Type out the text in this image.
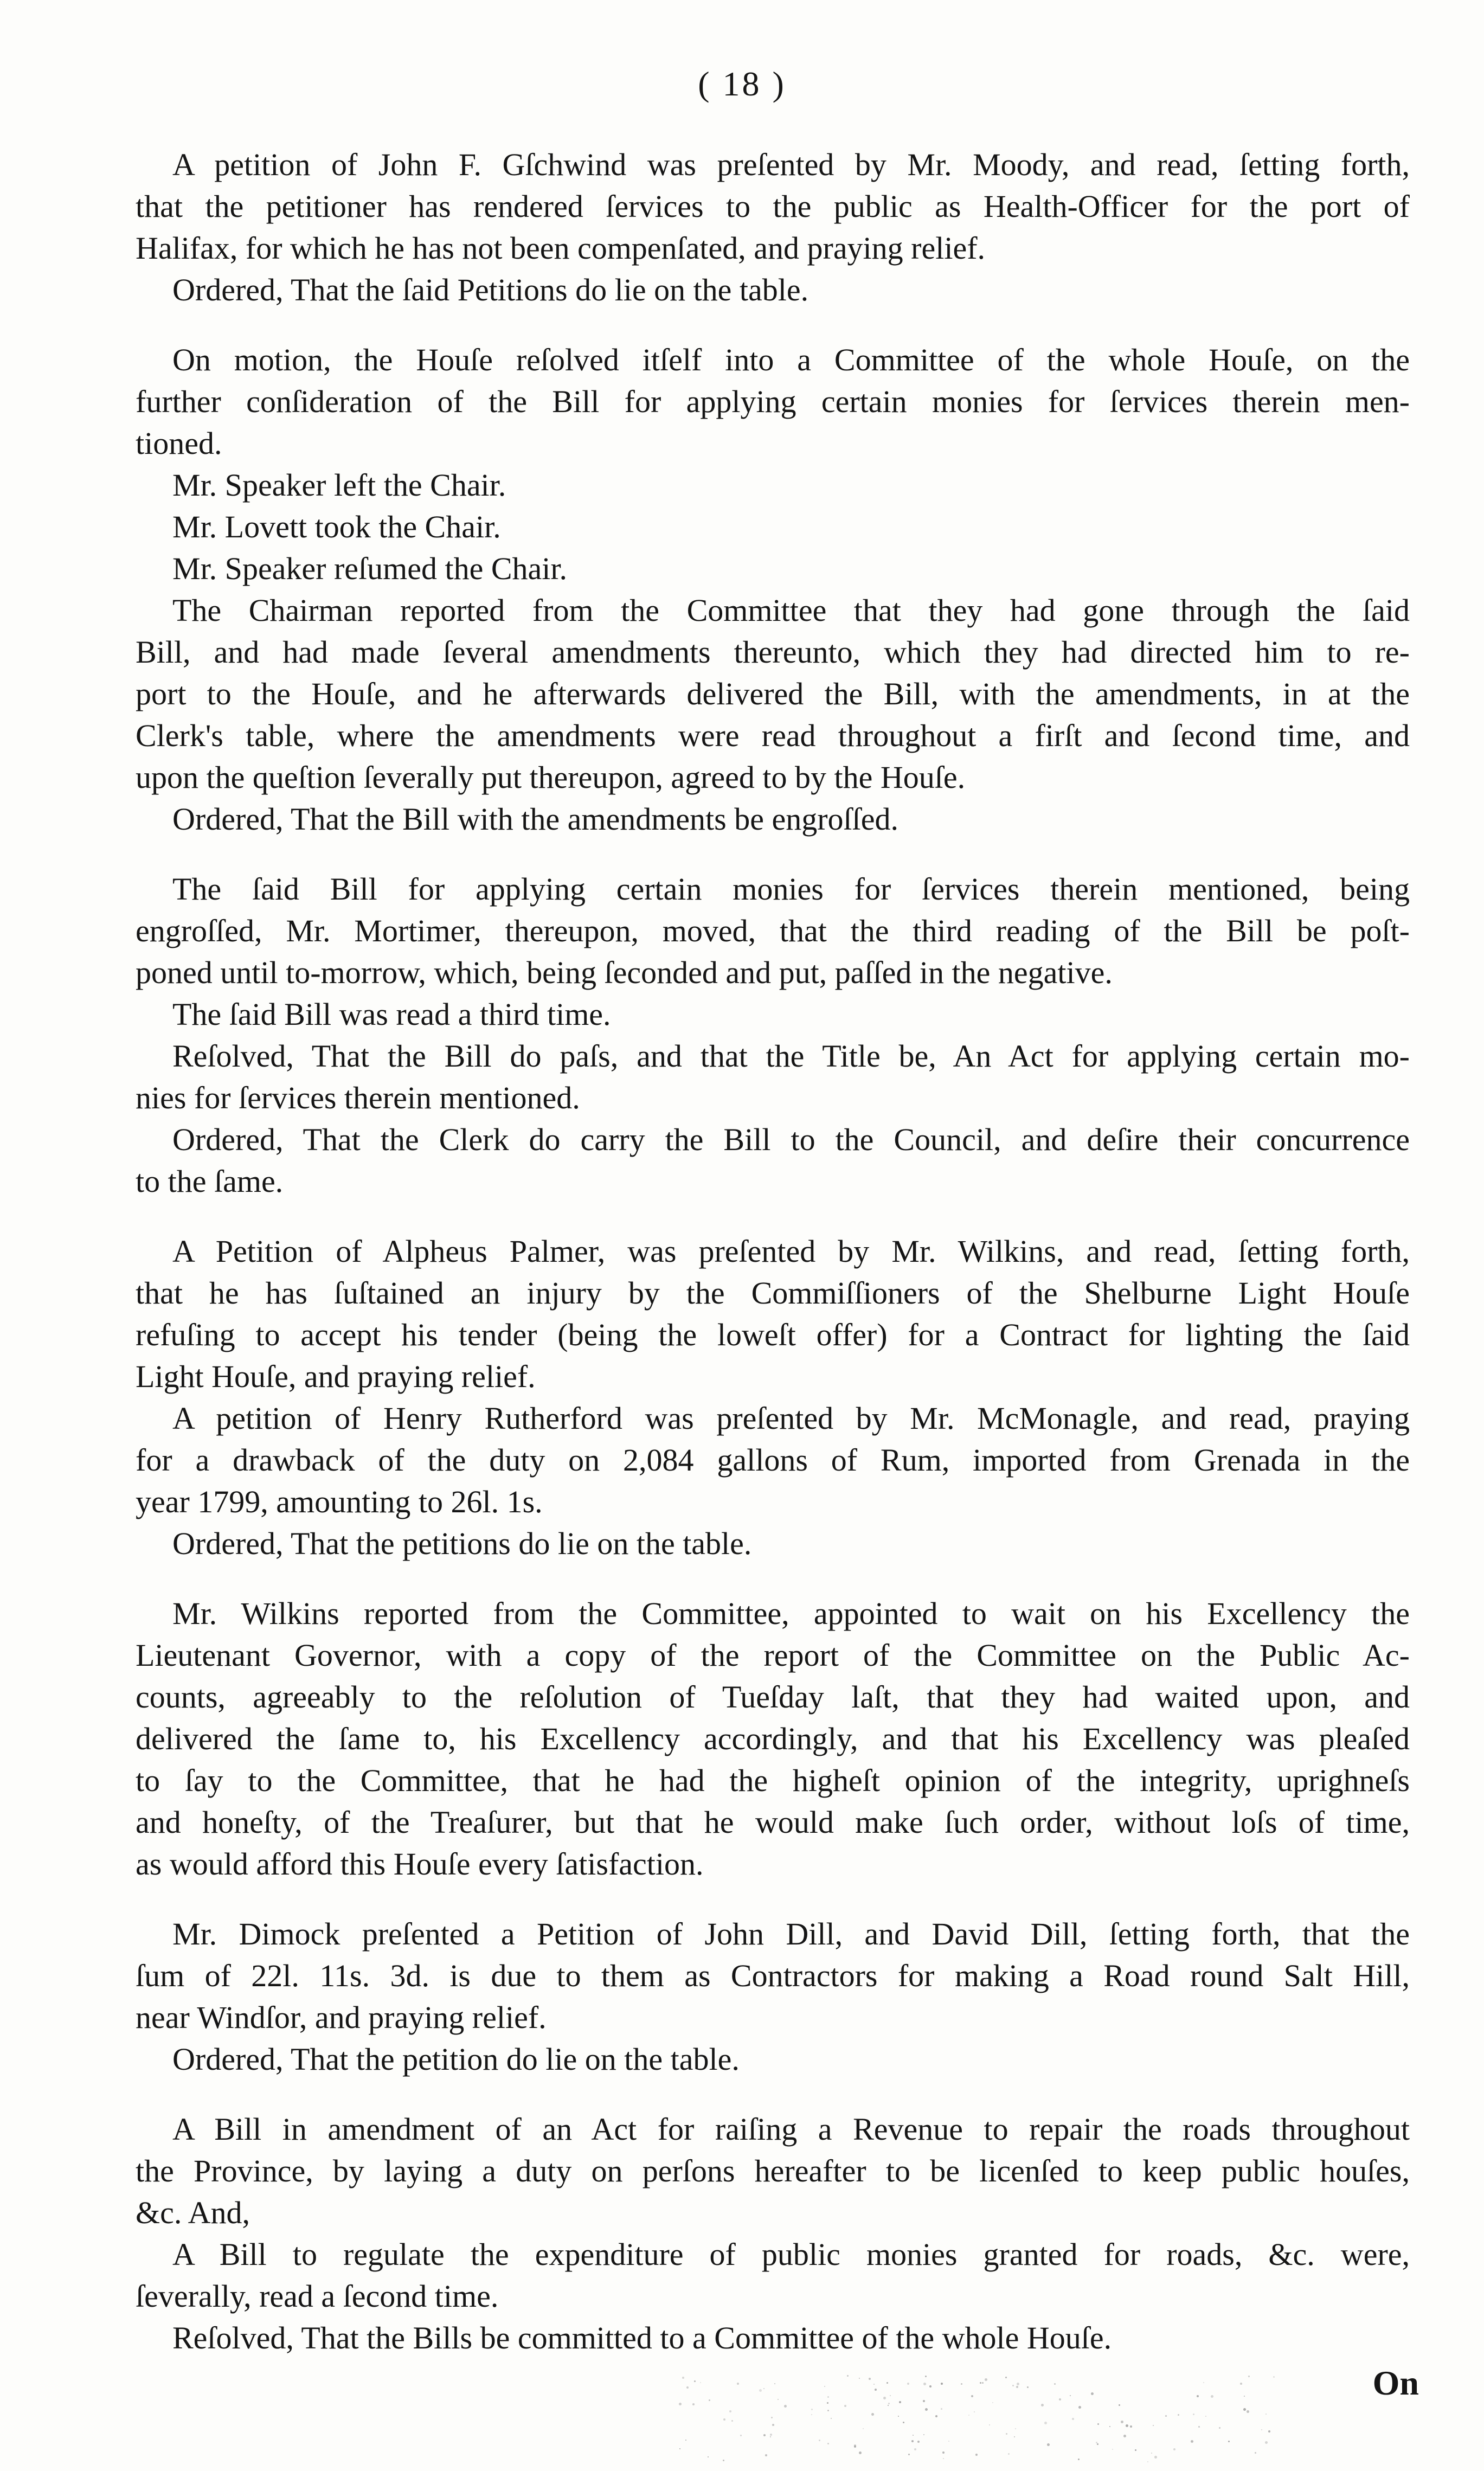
( 18 )
A petition of John F. Gſchwind was preſented by Mr. Moody, and read, ſetting forth,
that the petitioner has rendered ſervices to the public as Health-Officer for the port of
Halifax, for which he has not been compenſated, and praying relief.
Ordered, That the ſaid Petitions do lie on the table.
On motion, the Houſe reſolved itſelf into a Committee of the whole Houſe, on the
further conſideration of the Bill for applying certain monies for ſervices therein men-
tioned.
Mr. Speaker left the Chair.
Mr. Lovett took the Chair.
Mr. Speaker reſumed the Chair.
The Chairman reported from the Committee that they had gone through the ſaid
Bill, and had made ſeveral amendments thereunto, which they had directed him to re-
port to the Houſe, and he afterwards delivered the Bill, with the amendments, in at the
Clerk's table, where the amendments were read throughout a firſt and ſecond time, and
upon the queſtion ſeverally put thereupon, agreed to by the Houſe.
Ordered, That the Bill with the amendments be engroſſed.
The ſaid Bill for applying certain monies for ſervices therein mentioned, being
engroſſed, Mr. Mortimer, thereupon, moved, that the third reading of the Bill be poſt-
poned until to-morrow, which, being ſeconded and put, paſſed in the negative.
The ſaid Bill was read a third time.
Reſolved, That the Bill do paſs, and that the Title be, An Act for applying certain mo-
nies for ſervices therein mentioned.
Ordered, That the Clerk do carry the Bill to the Council, and deſire their concurrence
to the ſame.
A Petition of Alpheus Palmer, was preſented by Mr. Wilkins, and read, ſetting forth,
that he has ſuſtained an injury by the Commiſſioners of the Shelburne Light Houſe
refuſing to accept his tender (being the loweſt offer) for a Contract for lighting the ſaid
Light Houſe, and praying relief.
A petition of Henry Rutherford was preſented by Mr. McMonagle, and read, praying
for a drawback of the duty on 2,084 gallons of Rum, imported from Grenada in the
year 1799, amounting to 26l. 1s.
Ordered, That the petitions do lie on the table.
Mr. Wilkins reported from the Committee, appointed to wait on his Excellency the
Lieutenant Governor, with a copy of the report of the Committee on the Public Ac-
counts, agreeably to the reſolution of Tueſday laſt, that they had waited upon, and
delivered the ſame to, his Excellency accordingly, and that his Excellency was pleaſed
to ſay to the Committee, that he had the higheſt opinion of the integrity, uprighneſs
and honeſty, of the Treaſurer, but that he would make ſuch order, without loſs of time,
as would afford this Houſe every ſatisfaction.
Mr. Dimock preſented a Petition of John Dill, and David Dill, ſetting forth, that the
ſum of 22l. 11s. 3d. is due to them as Contractors for making a Road round Salt Hill,
near Windſor, and praying relief.
Ordered, That the petition do lie on the table.
A Bill in amendment of an Act for raiſing a Revenue to repair the roads throughout
the Province, by laying a duty on perſons hereafter to be licenſed to keep public houſes,
&c. And,
A Bill to regulate the expenditure of public monies granted for roads, &c. were,
ſeverally, read a ſecond time.
Reſolved, That the Bills be committed to a Committee of the whole Houſe.
On
